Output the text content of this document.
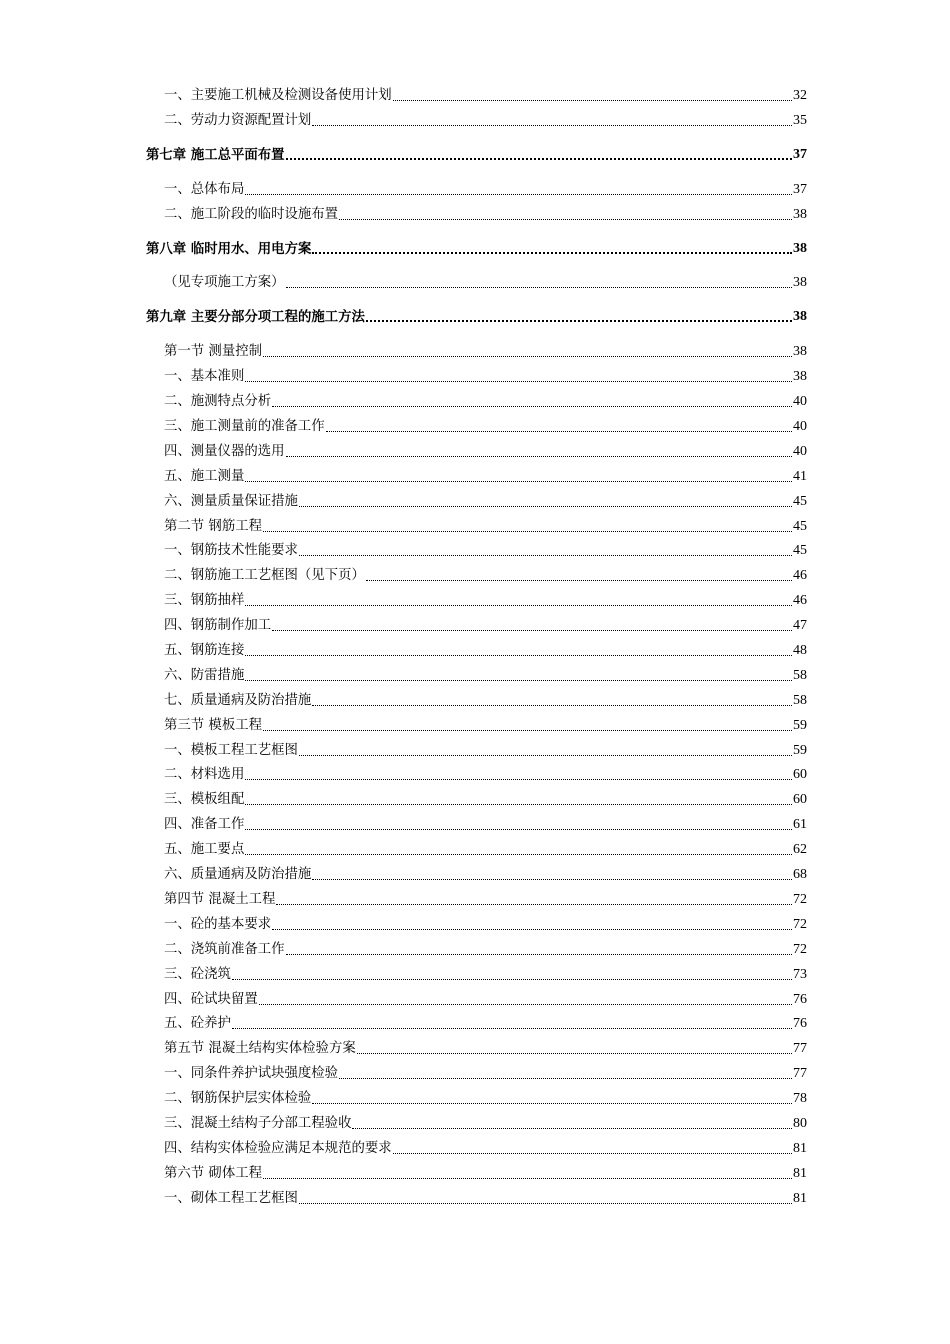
一、主要施工机械及检测设备使用计划	32
二、劳动力资源配置计划	35
第七章 施工总平面布置	37
一、总体布局	37
二、施工阶段的临时设施布置	38
第八章 临时用水、用电方案	38
（见专项施工方案）	38
第九章 主要分部分项工程的施工方法	38
第一节 测量控制	38
一、基本准则	38
二、施测特点分析	40
三、施工测量前的准备工作	40
四、测量仪器的选用	40
五、施工测量	41
六、测量质量保证措施	45
第二节 钢筋工程	45
一、钢筋技术性能要求	45
二、钢筋施工工艺框图（见下页）	46
三、钢筋抽样	46
四、钢筋制作加工	47
五、钢筋连接	48
六、防雷措施	58
七、质量通病及防治措施	58
第三节 模板工程	59
一、模板工程工艺框图	59
二、材料选用	60
三、模板组配	60
四、准备工作	61
五、施工要点	62
六、质量通病及防治措施	68
第四节 混凝土工程	72
一、砼的基本要求	72
二、浇筑前准备工作	72
三、砼浇筑	73
四、砼试块留置	76
五、砼养护	76
第五节 混凝土结构实体检验方案	77
一、同条件养护试块强度检验	77
二、钢筋保护层实体检验	78
三、混凝土结构子分部工程验收	80
四、结构实体检验应满足本规范的要求	81
第六节 砌体工程	81
一、砌体工程工艺框图	81
